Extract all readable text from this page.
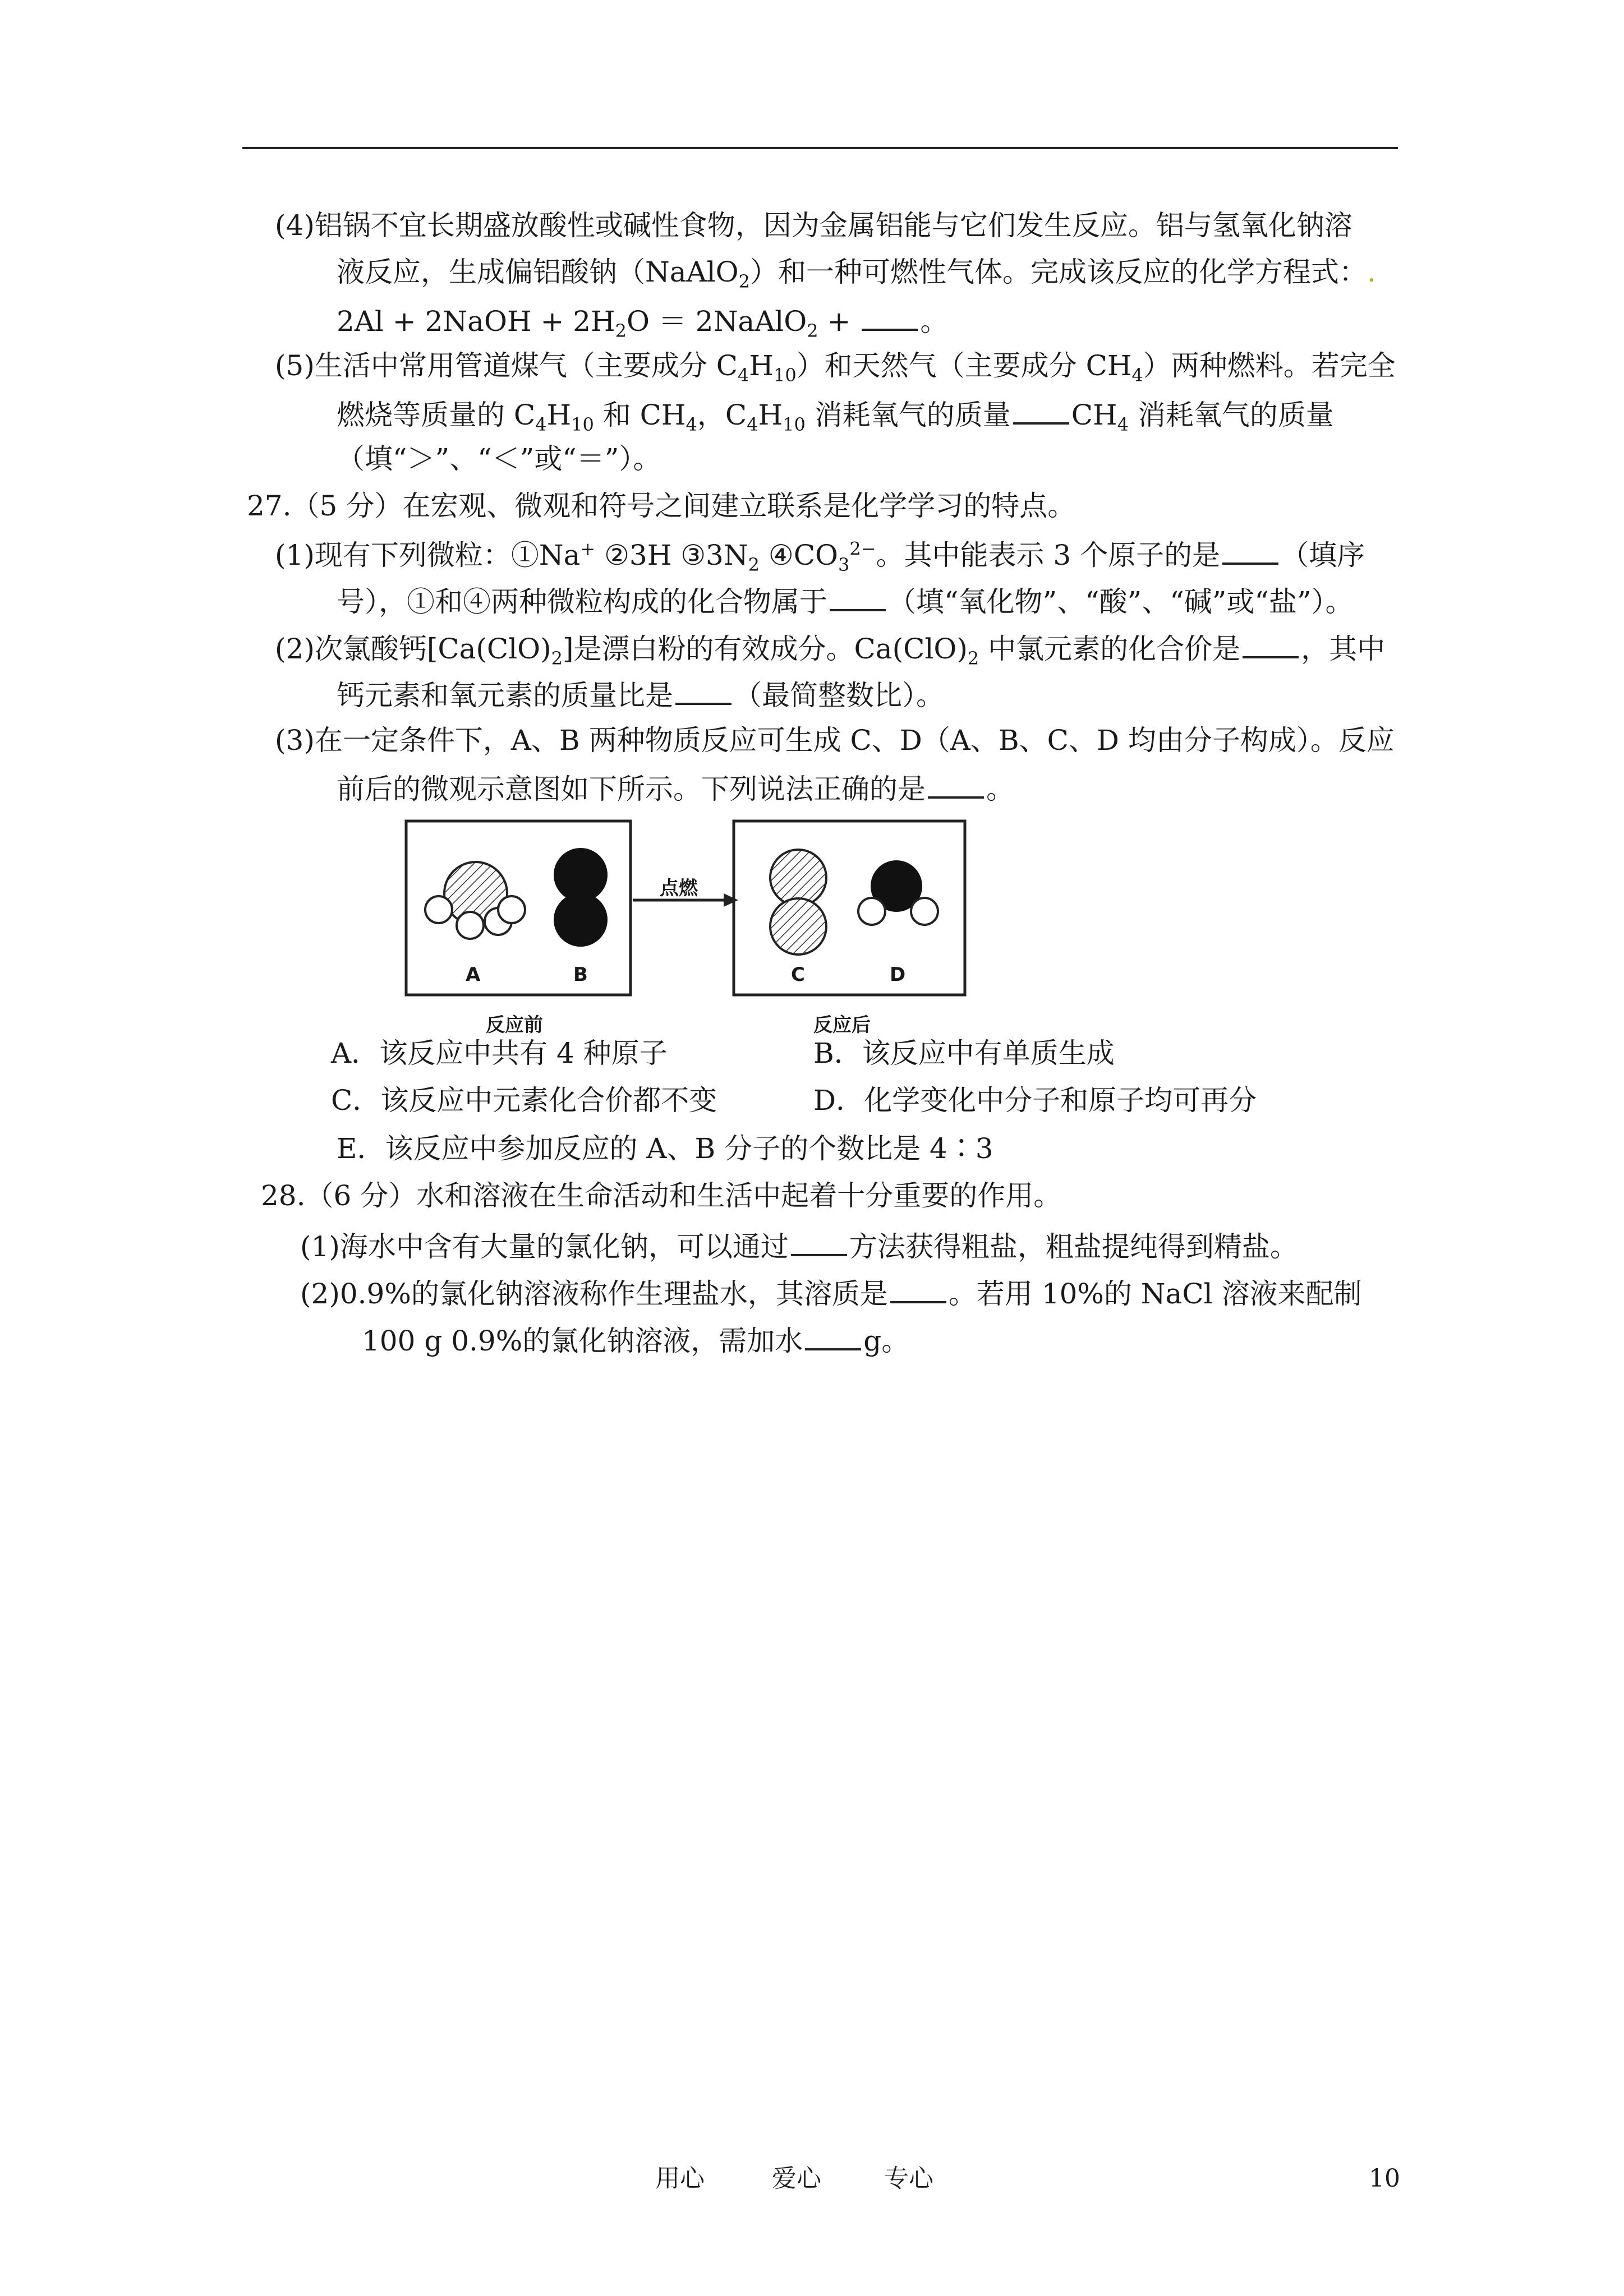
(4)铝锅不宜长期盛放酸性或碱性食物，因为金属铝能与它们发生反应。铝与氢氧化钠溶
液反应，生成偏铝酸钠（NaAlO$_2$）和一种可燃性气体。完成该反应的化学方程式：.
2Al + 2NaOH + $2H_2O$ ＝ 2NaAlO$_2$ + 。
(5)生活中常用管道煤气（主要成分 $C_4H_{10}$）和天然气（主要成分 $CH_4$）两种燃料。若完全
燃烧等质量的 $C_4H_{10}$ 和 $CH_4$，$C_4H_{10}$ 消耗氧气的质量 $CH_4$ 消耗氧气的质量
（填“＞”、“＜”或“＝”）。
27.（5 分）在宏观、微观和符号之间建立联系是化学学习的特点。
(1)现有下列微粒：①Na+ ②3H $③3N_2$ $④CO_3^{2-}$。其中能表示 3 个原子的是 （填序
号），①和④两种微粒构成的化合物属于 （填“氧化物”、“酸”、“碱”或“盐”）。
(2)次氯酸钙$[Ca(ClO)_2]$是漂白粉的有效成分。$Ca(ClO)_2$ 中氯元素的化合价是 ，其中
钙元素和氧元素的质量比是 （最简整数比）。
(3)在一定条件下，A、B 两种物质反应可生成 C、D（A、B、C、D 均由分子构成）。反应
前后的微观示意图如下所示。下列说法正确的是 。
A	B	C	D
点燃
反应前	反应后
A．该反应中共有 4 种原子	B．该反应中有单质生成
C．该反应中元素化合价都不变	D．化学变化中分子和原子均可再分
E．该反应中参加反应的 A、B 分子的个数比是 4∶3
28.（6 分）水和溶液在生命活动和生活中起着十分重要的作用。
(1)海水中含有大量的氯化钠，可以通过 方法获得粗盐，粗盐提纯得到精盐。
(2)0.9%的氯化钠溶液称作生理盐水，其溶质是 。若用 10%的 NaCl 溶液来配制
100 g 0.9%的氯化钠溶液，需加水 g。
用心	爱心	专心	10
